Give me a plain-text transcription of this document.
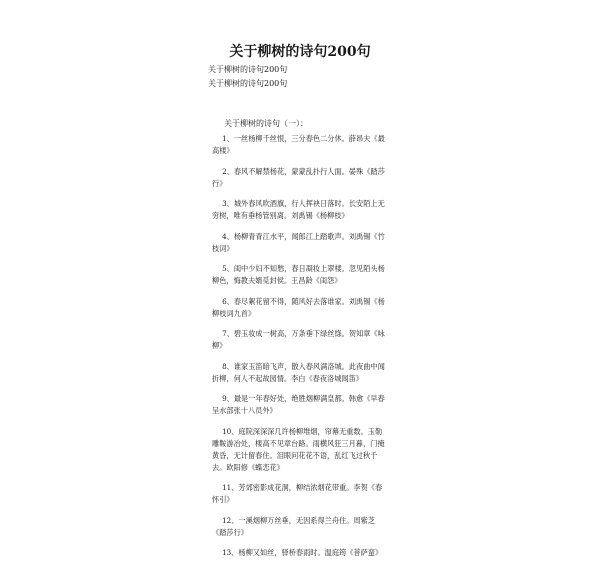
关于柳树的诗句200句

关于柳树的诗句200句

关于柳树的诗句200句

关于柳树的诗句（一）：

1、一丝杨柳千丝恨，三分春色二分休。薛昂夫《最高楼》
2、春风不解禁杨花，蒙蒙乱扑行人面。晏殊《踏莎行》
3、城外春风吹酒旗，行人挥袂日落时。长安陌上无穷树，唯有垂杨管别离。刘禹锡《杨柳枝》
4、杨柳青青江水平，闻郎江上踏歌声。刘禹锡《竹枝词》
5、闺中少妇不知愁，春日凝妆上翠楼。忽见陌头杨柳色，悔教夫婿觅封侯。王昌龄《闺怨》
6、春尽絮花留不得，随风好去落谁家。刘禹锡《杨柳枝词九首》
7、碧玉妆成一树高，万条垂下绿丝绦。贺知章《咏柳》
8、谁家玉笛暗飞声，散入春风满洛城。此夜曲中闻折柳，何人不起故园情。李白《春夜洛城闻笛》
9、最是一年春好处，绝胜烟柳满皇都。韩愈《早春呈水部张十八员外》
10、庭院深深深几许杨柳堆烟，帘幕无重数。玉勒雕鞍游冶处，楼高不见章台路。雨横风狂三月暮，门掩黄昏，无计留春住。泪眼问花花不语，乱红飞过秋千去。欧阳修《蝶恋花》
11、芳郊密影成花洞，柳结浓烟花带重。李贺《春怀引》
12、一溪烟柳万丝垂，无因系得兰舟住。周紫芝《踏莎行》
13、杨柳又如丝，驿桥春雨时。温庭筠《菩萨蛮》
